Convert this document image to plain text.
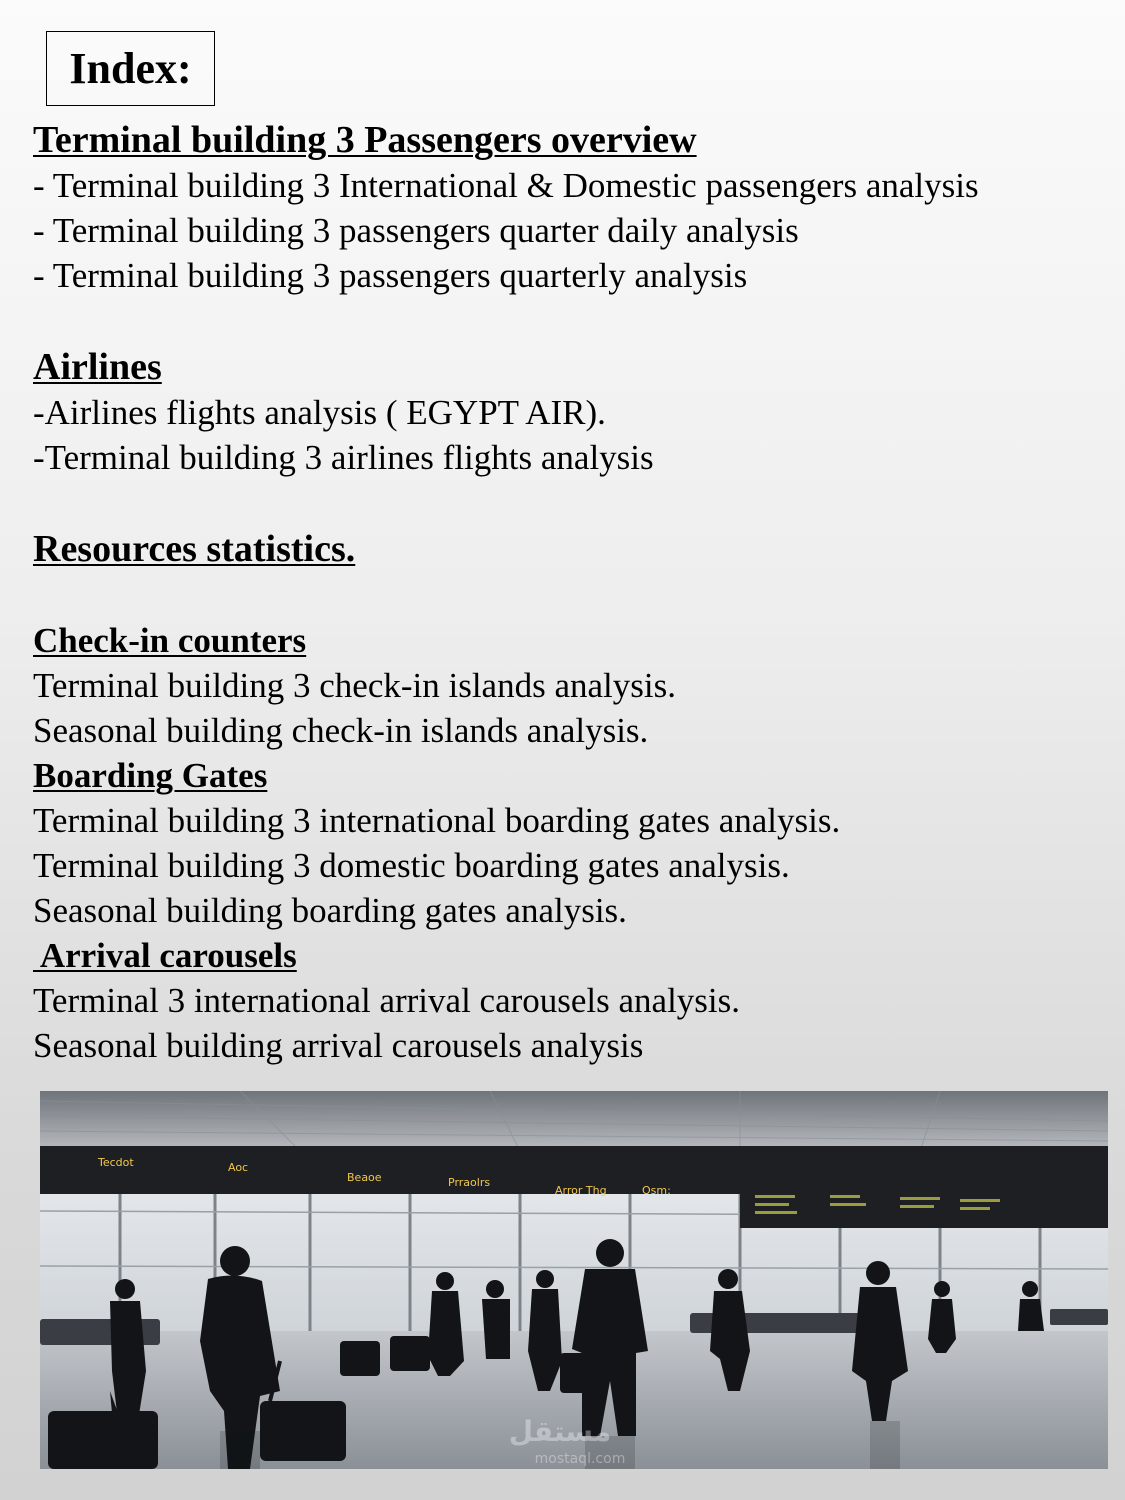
Index:
Terminal building 3 Passengers overview
- Terminal building 3 International & Domestic passengers analysis
- Terminal building 3 passengers quarter daily analysis
- Terminal building 3 passengers quarterly analysis
Airlines
-Airlines flights analysis ( EGYPT AIR).
-Terminal building 3 airlines flights analysis
Resources statistics.
Check-in counters
Terminal building 3 check-in islands analysis.
Seasonal building check-in islands analysis.
Boarding Gates
Terminal building 3 international boarding gates analysis.
Terminal building 3 domestic boarding gates analysis.
Seasonal building boarding gates analysis.
Arrival carousels
Terminal 3 international arrival carousels analysis.
Seasonal building arrival carousels analysis
Tecdot	Aoc
Beaoe	Prraolrs
Arror Thg	Osm:
مستقل
mostaql.com
